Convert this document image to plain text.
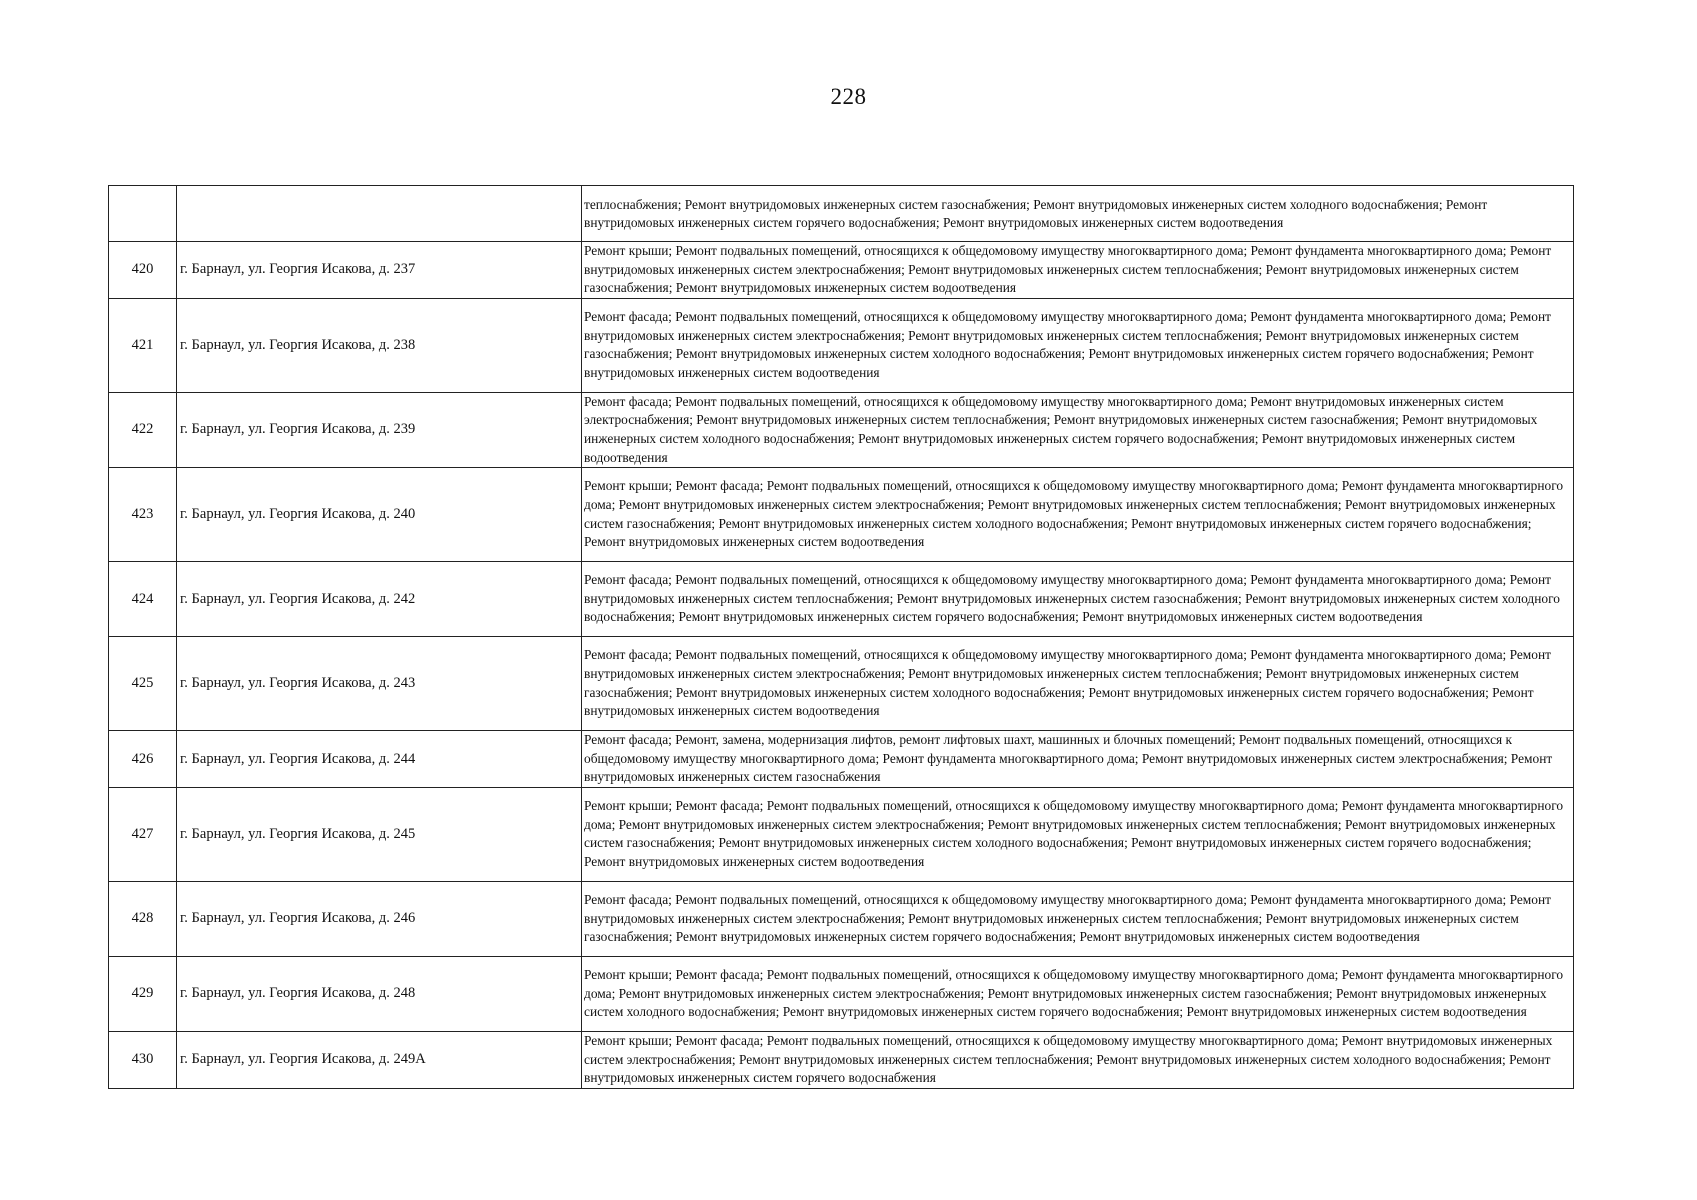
228
		теплоснабжения; Ремонт внутридомовых инженерных систем газоснабжения; Ремонт внутридомовых инженерных систем холодного водоснабжения; Ремонт внутридомовых инженерных систем горячего водоснабжения; Ремонт внутридомовых инженерных систем водоотведения
420	г. Барнаул, ул. Георгия Исакова, д. 237	Ремонт крыши; Ремонт подвальных помещений, относящихся к общедомовому имуществу многоквартирного дома; Ремонт фундамента многоквартирного дома; Ремонт внутридомовых инженерных систем электроснабжения; Ремонт внутридомовых инженерных систем теплоснабжения; Ремонт внутридомовых инженерных систем газоснабжения; Ремонт внутридомовых инженерных систем водоотведения
421	г. Барнаул, ул. Георгия Исакова, д. 238	Ремонт фасада; Ремонт подвальных помещений, относящихся к общедомовому имуществу многоквартирного дома; Ремонт фундамента многоквартирного дома; Ремонт внутридомовых инженерных систем электроснабжения; Ремонт внутридомовых инженерных систем теплоснабжения; Ремонт внутридомовых инженерных систем газоснабжения; Ремонт внутридомовых инженерных систем холодного водоснабжения; Ремонт внутридомовых инженерных систем горячего водоснабжения; Ремонт внутридомовых инженерных систем водоотведения
422	г. Барнаул, ул. Георгия Исакова, д. 239	Ремонт фасада; Ремонт подвальных помещений, относящихся к общедомовому имуществу многоквартирного дома; Ремонт внутридомовых инженерных систем электроснабжения; Ремонт внутридомовых инженерных систем теплоснабжения; Ремонт внутридомовых инженерных систем газоснабжения; Ремонт внутридомовых инженерных систем холодного водоснабжения; Ремонт внутридомовых инженерных систем горячего водоснабжения; Ремонт внутридомовых инженерных систем водоотведения
423	г. Барнаул, ул. Георгия Исакова, д. 240	Ремонт крыши; Ремонт фасада; Ремонт подвальных помещений, относящихся к общедомовому имуществу многоквартирного дома; Ремонт фундамента многоквартирного дома; Ремонт внутридомовых инженерных систем электроснабжения; Ремонт внутридомовых инженерных систем теплоснабжения; Ремонт внутридомовых инженерных систем газоснабжения; Ремонт внутридомовых инженерных систем холодного водоснабжения; Ремонт внутридомовых инженерных систем горячего водоснабжения; Ремонт внутридомовых инженерных систем водоотведения
424	г. Барнаул, ул. Георгия Исакова, д. 242	Ремонт фасада; Ремонт подвальных помещений, относящихся к общедомовому имуществу многоквартирного дома; Ремонт фундамента многоквартирного дома; Ремонт внутридомовых инженерных систем теплоснабжения; Ремонт внутридомовых инженерных систем газоснабжения; Ремонт внутридомовых инженерных систем холодного водоснабжения; Ремонт внутридомовых инженерных систем горячего водоснабжения; Ремонт внутридомовых инженерных систем водоотведения
425	г. Барнаул, ул. Георгия Исакова, д. 243	Ремонт фасада; Ремонт подвальных помещений, относящихся к общедомовому имуществу многоквартирного дома; Ремонт фундамента многоквартирного дома; Ремонт внутридомовых инженерных систем электроснабжения; Ремонт внутридомовых инженерных систем теплоснабжения; Ремонт внутридомовых инженерных систем газоснабжения; Ремонт внутридомовых инженерных систем холодного водоснабжения; Ремонт внутридомовых инженерных систем горячего водоснабжения; Ремонт внутридомовых инженерных систем водоотведения
426	г. Барнаул, ул. Георгия Исакова, д. 244	Ремонт фасада; Ремонт, замена, модернизация лифтов, ремонт лифтовых шахт, машинных и блочных помещений; Ремонт подвальных помещений, относящихся к общедомовому имуществу многоквартирного дома; Ремонт фундамента многоквартирного дома; Ремонт внутридомовых инженерных систем электроснабжения; Ремонт внутридомовых инженерных систем газоснабжения
427	г. Барнаул, ул. Георгия Исакова, д. 245	Ремонт крыши; Ремонт фасада; Ремонт подвальных помещений, относящихся к общедомовому имуществу многоквартирного дома; Ремонт фундамента многоквартирного дома; Ремонт внутридомовых инженерных систем электроснабжения; Ремонт внутридомовых инженерных систем теплоснабжения; Ремонт внутридомовых инженерных систем газоснабжения; Ремонт внутридомовых инженерных систем холодного водоснабжения; Ремонт внутридомовых инженерных систем горячего водоснабжения; Ремонт внутридомовых инженерных систем водоотведения
428	г. Барнаул, ул. Георгия Исакова, д. 246	Ремонт фасада; Ремонт подвальных помещений, относящихся к общедомовому имуществу многоквартирного дома; Ремонт фундамента многоквартирного дома; Ремонт внутридомовых инженерных систем электроснабжения; Ремонт внутридомовых инженерных систем теплоснабжения; Ремонт внутридомовых инженерных систем газоснабжения; Ремонт внутридомовых инженерных систем горячего водоснабжения; Ремонт внутридомовых инженерных систем водоотведения
429	г. Барнаул, ул. Георгия Исакова, д. 248	Ремонт крыши; Ремонт фасада; Ремонт подвальных помещений, относящихся к общедомовому имуществу многоквартирного дома; Ремонт фундамента многоквартирного дома; Ремонт внутридомовых инженерных систем электроснабжения; Ремонт внутридомовых инженерных систем газоснабжения; Ремонт внутридомовых инженерных систем холодного водоснабжения; Ремонт внутридомовых инженерных систем горячего водоснабжения; Ремонт внутридомовых инженерных систем водоотведения
430	г. Барнаул, ул. Георгия Исакова, д. 249А	Ремонт крыши; Ремонт фасада; Ремонт подвальных помещений, относящихся к общедомовому имуществу многоквартирного дома; Ремонт внутридомовых инженерных систем электроснабжения; Ремонт внутридомовых инженерных систем теплоснабжения; Ремонт внутридомовых инженерных систем холодного водоснабжения; Ремонт внутридомовых инженерных систем горячего водоснабжения
